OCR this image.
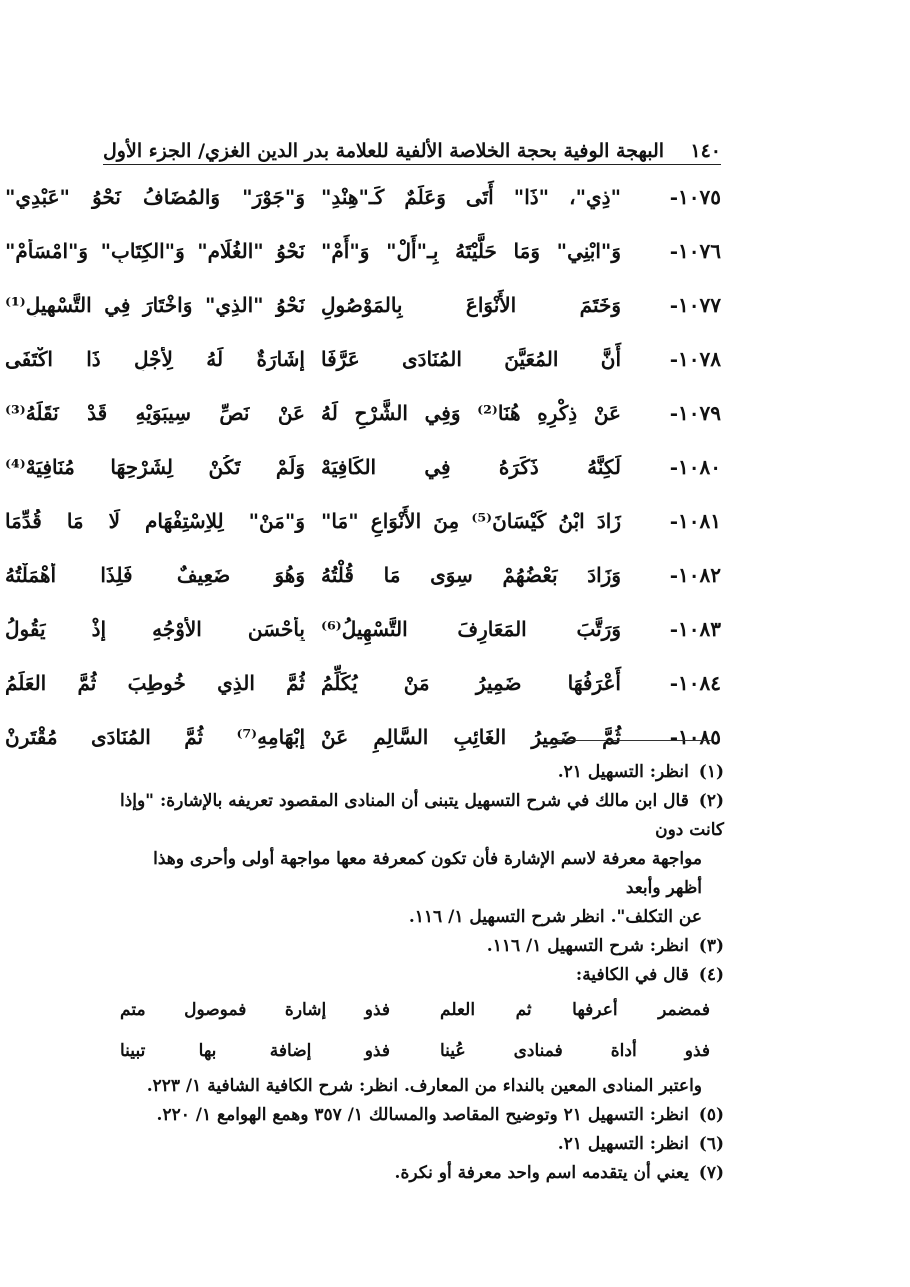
١٤٠
البهجة الوفية بحجة الخلاصة الألفية للعلامة بدر الدين الغزي/ الجزء الأول
١٠٧٥-
"ذِي"، "ذَا" أَتَى وَعَلَمٌ كَـ"هِنْدِ"
وَ"جَوْرَ" وَالمُضَافُ نَحْوُ "عَبْدِي"
١٠٧٦-
وَ"ابْنِي" وَمَا حَلَّيْتَهُ بِـ"أَلْ" وَ"أَمْ"
نَحْوُ "الغُلَامِ" وَ"الكِتَابِ" وَ"امْسَأَمْ"
١٠٧٧-
وَخَتَمَ الأَنْوَاعَ بِالمَوْصُولِ
نَحْوُ "الذِي" وَاخْتَارَ فِي التَّسْهِيلِ⁽¹⁾
١٠٧٨-
أَنَّ المُعَيَّنَ المُنَادَى عَرَّفَا
إِشَارَةٌ لَهُ لِأَجْلِ ذَا اكْتَفَى
١٠٧٩-
عَنْ ذِكْرِهِ هُنَا⁽²⁾ وَفِي الشَّرْحِ لَهُ
عَنْ نَصِّ سِيبَوَيْهِ قَدْ نَقَلَهُ⁽³⁾
١٠٨٠-
لَكِنَّهُ ذَكَرَهُ فِي الكَافِيَهْ
وَلَمْ تَكُنْ لِشَرْحِهَا مُنَافِيَهْ⁽⁴⁾
١٠٨١-
زَادَ ابْنُ كَيْسَانَ⁽⁵⁾ مِنَ الأَنْوَاعِ "مَا"
وَ"مَنْ" لِلاِسْتِفْهَامِ لَا مَا قُدِّمَا
١٠٨٢-
وَزَادَ بَعْضُهُمْ سِوَى مَا قُلْتُهُ
وَهُوَ ضَعِيفٌ فَلِذَا أَهْمَلْتُهُ
١٠٨٣-
وَرَتَّبَ المَعَارِفَ التَّسْهِيلُ⁽⁶⁾
بِأَحْسَنِ الأَوْجُهِ إِذْ يَقُولُ
١٠٨٤-
أَعْرَفُهَا ضَمِيرُ مَنْ يُكَلِّمُ
ثُمَّ الذِي خُوطِبَ ثُمَّ العَلَمُ
١٠٨٥-
ثُمَّ ضَمِيرُ الغَائِبِ السَّالِمِ عَنْ
إِبْهَامِهِ⁽⁷⁾ ثُمَّ المُنَادَى مُقْتَرِنْ
(١) انظر: التسهيل ٢١.
(٢) قال ابن مالك في شرح التسهيل يتبنى أن المنادى المقصود تعريفه بالإشارة: "وإذا كانت دون
مواجهة معرفة لاسم الإشارة فأن تكون كمعرفة معها مواجهة أولى وأحرى وهذا أظهر وأبعد
عن التكلف". انظر شرح التسهيل ١/ ١١٦.
(٣) انظر: شرح التسهيل ١/ ١١٦.
(٤) قال في الكافية:
فمضمر أعرفها ثم العلم
فذو إشارة فموصول متم
فذو أداة فمنادى عُينا
فذو إضافة بها تبينا
واعتبر المنادى المعين بالنداء من المعارف. انظر: شرح الكافية الشافية ١/ ٢٢٣.
(٥) انظر: التسهيل ٢١ وتوضيح المقاصد والمسالك ١/ ٣٥٧ وهمع الهوامع ١/ ٢٢٠.
(٦) انظر: التسهيل ٢١.
(٧) يعني أن يتقدمه اسم واحد معرفة أو نكرة.
